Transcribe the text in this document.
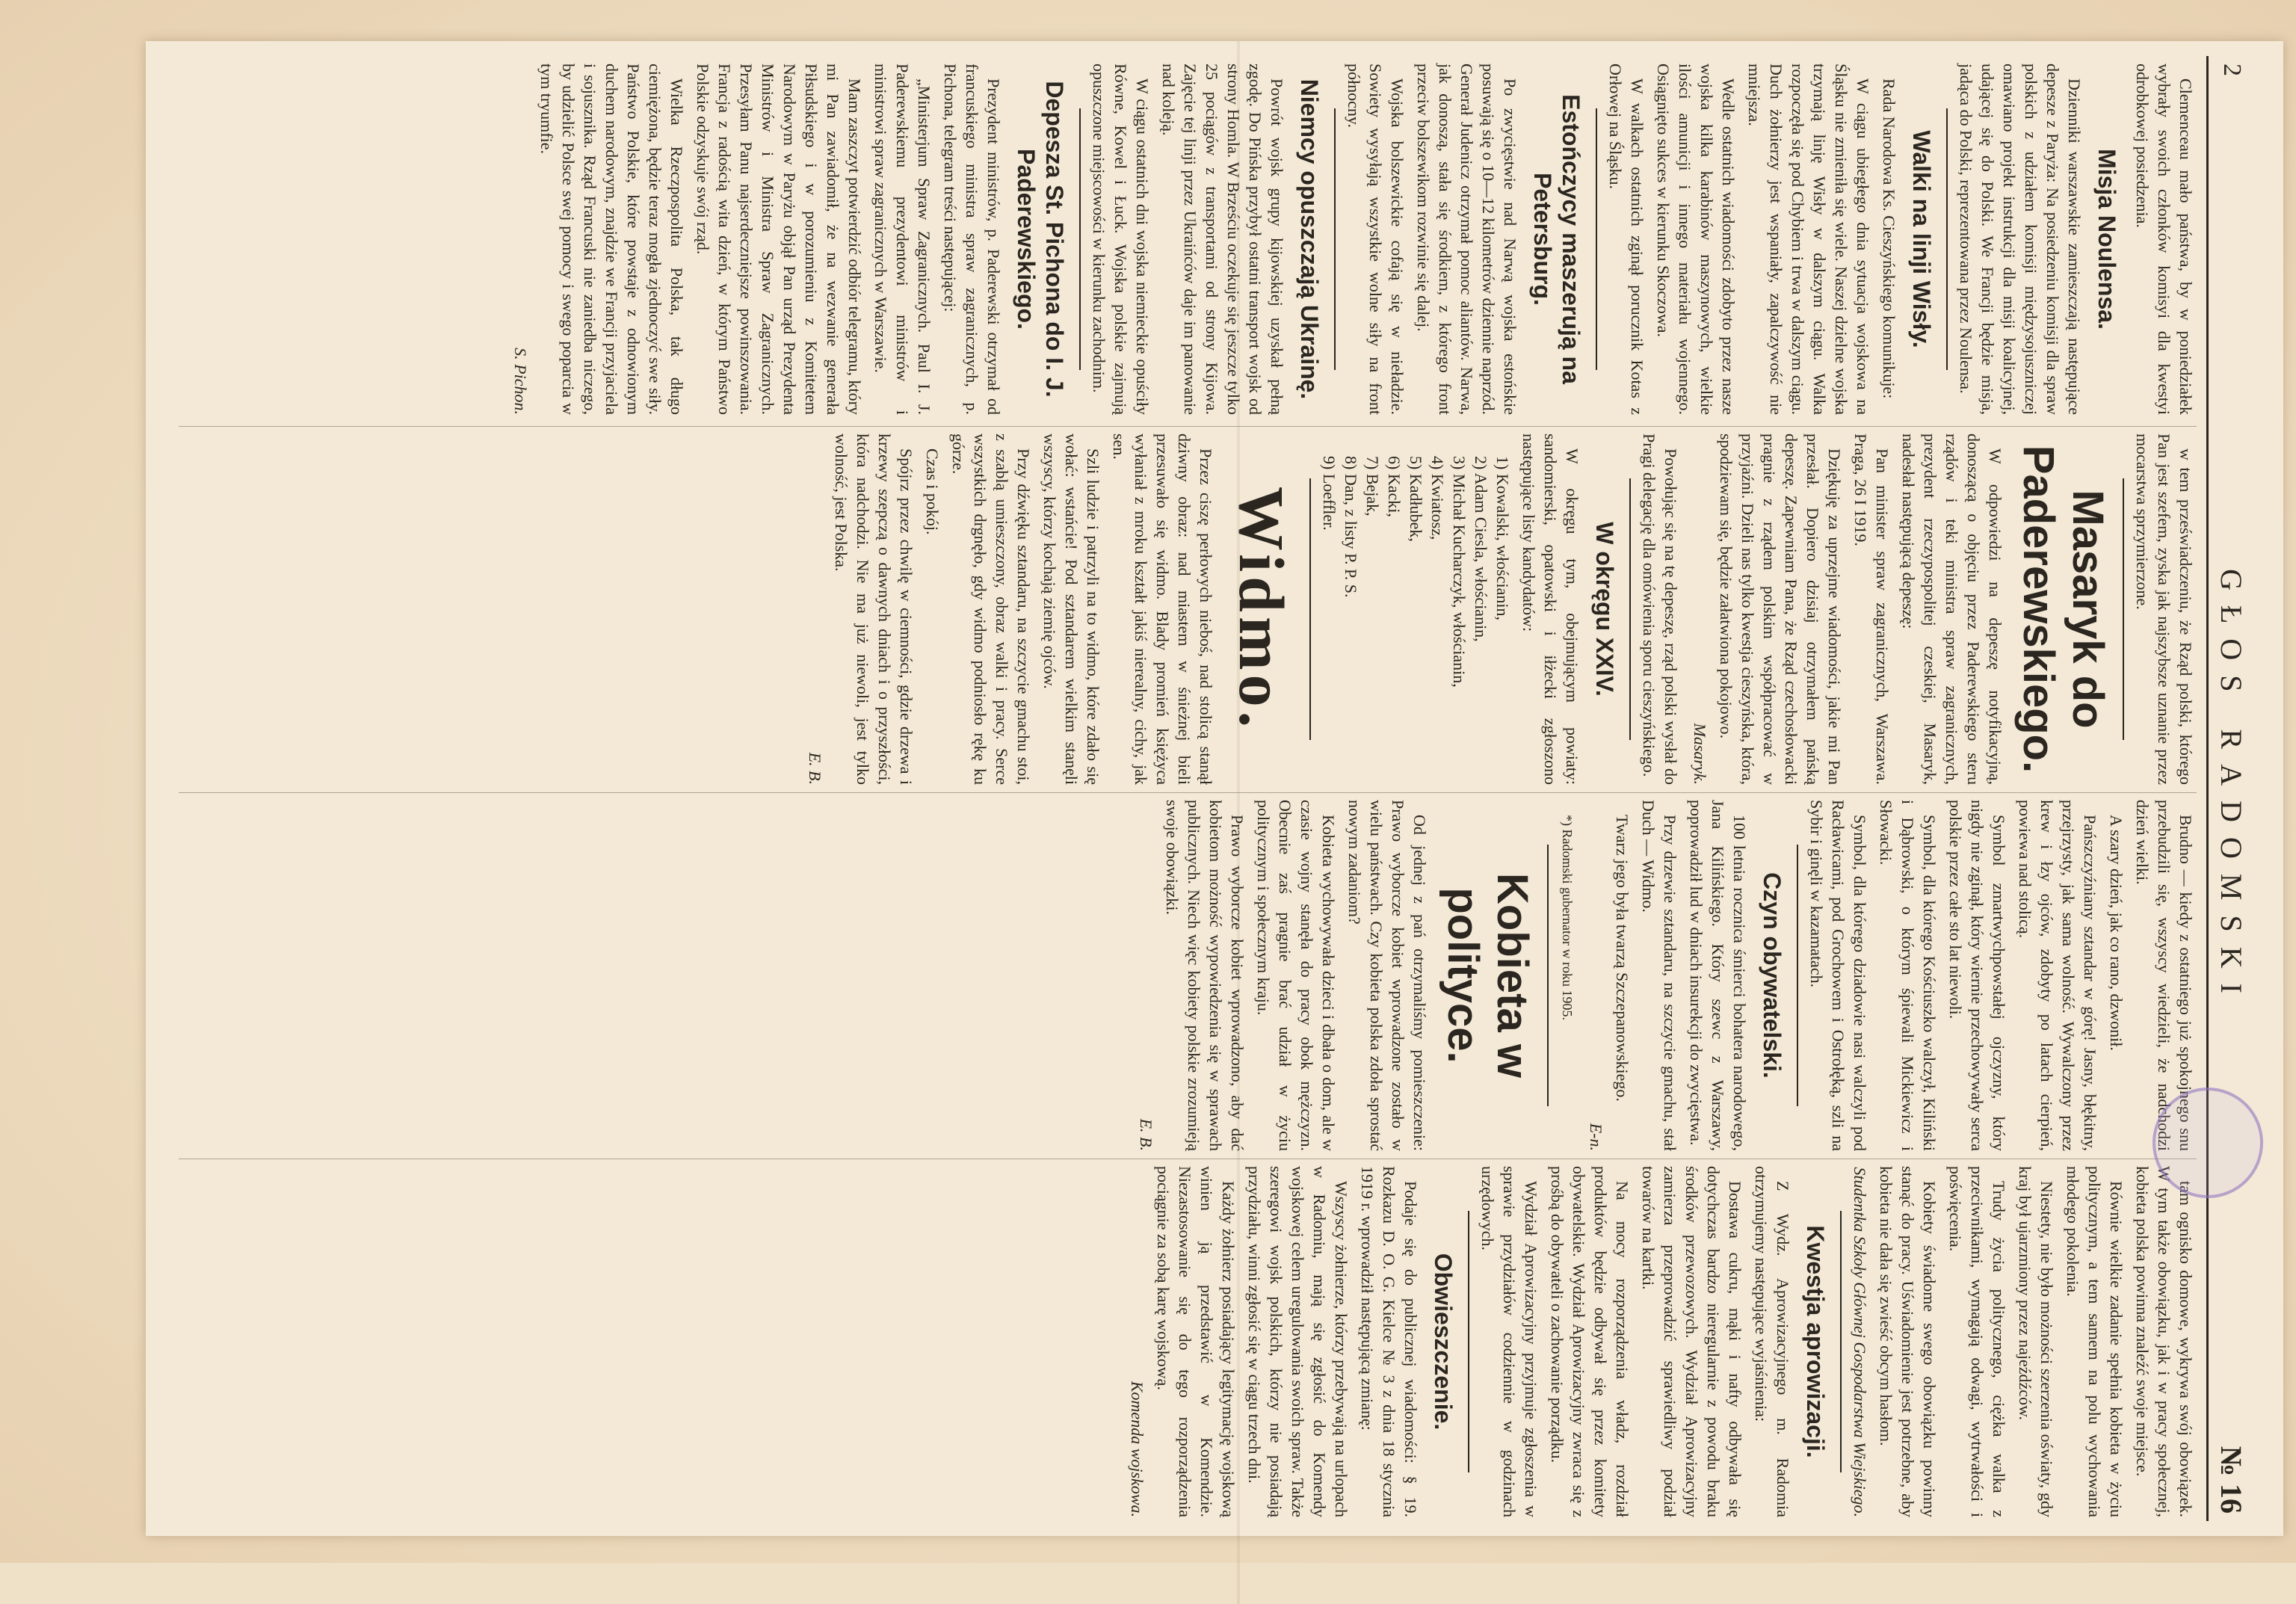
2
GŁOS RADOMSKI
№ 16

Clemenceau mało państwa, by w poniedziałek wybrały swoich członków komisyi dla kwestyi odrobkowej posiedzenia.

Misja Noulensa.

Dzienniki warszawskie zamieszczają następujące depesze z Paryża: Na posiedzeniu komisji dla spraw polskich z udziałem komisji międzysojuszniczej omawiano projekt instrukcji dla misji koalicyjnej, udającej się do Polski. We Francji będzie misja, jadąca do Polski, reprezentowana przez Noulensa.

Walki na linji Wisły.

Rada Narodowa Ks. Cieszyńskiego komunikuje:

W ciągu ubiegłego dnia sytuacja wojskowa na Śląsku nie zmieniła się wiele. Naszej dzielne wojska trzymają linję Wisły w dalszym ciągu. Walka rozpoczęła się pod Chybiem i trwa w dalszym ciągu. Duch żołnierzy jest wspaniały, zapalczywość nie mniejsza.

Wedle ostatnich wiadomości zdobyto przez nasze wojska kilka karabinów maszynowych, wielkie ilości amunicji i innego materiału wojennego. Osiągnięto sukces w kierunku Skoczowa.

W walkach ostatnich zginął porucznik Kotas z Orłowej na Śląsku.

Estończycy maszerują na Petersburg.

Po zwycięstwie nad Narwą wojska estońskie posuwają się o 10—12 kilometrów dziennie naprzód. Generał Judenicz otrzymał pomoc aliantów. Narwa, jak donoszą, stała się środkiem, z którego front przeciw bolszewikom rozwinie się dalej.

Wojska bolszewickie cofają się w nieładzie. Sowiety wysyłają wszystkie wolne siły na front północny.

Niemcy opuszczają Ukrainę.

Powrót wojsk grupy kijowskiej uzyskał pełną zgodę. Do Pińska przybył ostatni transport wojsk od strony Homla. W Brześciu oczekuje się jeszcze tylko 25 pociągów z transportami od strony Kijowa. Zajęcie tej linji przez Ukraińców daje im panowanie nad koleją.

W ciągu ostatnich dni wojska niemieckie opuściły Równe, Kowel i Łuck. Wojska polskie zajmują opuszczone miejscowości w kierunku zachodnim.

Depesza St. Pichona do I. J. Paderewskiego.

Prezydent ministrów, p. Paderewski otrzymał od francuskiego ministra spraw zagranicznych, p. Pichona, telegram treści następującej:

„Ministerjum Spraw Zagranicznych. Paul I. J. Paderewskiemu prezydentowi ministrów i ministrowi spraw zagranicznych w Warszawie.

Mam zaszczyt potwierdzić odbiór telegramu, który mi Pan zawiadomił, że na wezwanie generała Piłsudskiego i w porozumieniu z Komitetem Narodowym w Paryżu objął Pan urząd Prezydenta Ministrów i Ministra Spraw Zagranicznych. Przesyłam Panu najserdeczniejsze powinszowania. Francja z radością wita dzień, w którym Państwo Polskie odzyskuje swój rząd.

Wielka Rzeczpospolita Polska, tak długo ciemiężona, będzie teraz mogła zjednoczyć swe siły. Państwo Polskie, które powstaje z odnowionym duchem narodowym, znajdzie we Francji przyjaciela i sojusznika. Rząd Francuski nie zaniedba niczego, by udzielić Polsce swej pomocy i swego poparcia w tym tryumfie.

S. Pichon.

w tem przeświadczeniu, że Rząd polski, którego Pan jest szefem, zyska jak najszybsze uznanie przez mocarstwa sprzymierzone.

Masaryk do Paderewskiego.

W odpowiedzi na depeszę notyfikacyjną, donoszącą o objęciu przez Paderewskiego steru rządów i teki ministra spraw zagranicznych, prezydent rzeczypospolitej czeskiej, Masaryk, nadesłał następującą depeszę:

Pan minister spraw zagranicznych, Warszawa. Praga, 26 I 1919.

Dziękuję za uprzejme wiadomości, jakie mi Pan przesłał. Dopiero dzisiaj otrzymałem pańską depeszę. Zapewniam Pana, że Rząd czechosłowacki pragnie z rządem polskim współpracować w przyjaźni. Dzieli nas tylko kwestja cieszyńska, która, spodziewam się, będzie załatwiona pokojowo.

Masaryk.

Powołując się na tę depeszę, rząd polski wysłał do Pragi delegację dla omówienia sporu cieszyńskiego.

W okręgu XXIV.

W okręgu tym, obejmującym powiaty: sandomierski, opatowski i iłżecki zgłoszono następujące listy kandydatów:

1) Kowalski, włościanin,
2) Adam Ciesla, włościanin,
3) Michał Kucharczyk, włościanin,
4) Kwiatosz,
5) Kadłubek,
6) Kacki,
7) Bejak,
8) Dan, z listy P. P. S.
9) Loeffler.
Widmo.

Przez ciszę perłowych nieboś, nad stolicą stanął dziwny obraz: nad miastem w śnieżnej bieli przesuwało się widmo. Blady promień księżyca wyłaniał z mroku kształt jakiś nierealny, cichy, jak sen.

Szli ludzie i patrzyli na to widmo, które zdało się wołać: wstańcie! Pod sztandarem wielkim stanęli wszyscy, którzy kochają ziemię ojców.

Przy dźwięku sztandaru, na szczycie gmachu stoi, z szablą umieszczony, obraz walki i pracy. Serce wszystkich drgnęło, gdy widmo podniosło rękę ku górze.

Czas i pokój.

Spójrz przez chwilę w ciemności, gdzie drzewa i krzewy szepczą o dawnych dniach i o przyszłości, która nadchodzi. Nie ma już niewoli, jest tylko wolność, jest Polska.

E. B.

Brudno — kiedy z ostatniego już spokojnego snu przebudzili się, wszyscy wiedzieli, że nadchodzi dzień wielki.

A szary dzień, jak co rano, dzwonił.

Pańszczyźniany sztandar w górę! Jasny, błękitny, przejrzysty, jak sama wolność. Wywalczony przez krew i łzy ojców, zdobyty po latach cierpień, powiewa nad stolicą.

Symbol zmartwychpowstałej ojczyzny, który nigdy nie zginął, który wiernie przechowywały serca polskie przez całe sto lat niewoli.

Symbol, dla którego Kościuszko walczył, Kiliński i Dąbrowski, o którym śpiewali Mickiewicz i Słowacki.

Symbol, dla którego dziadowie nasi walczyli pod Racławicami, pod Grochowem i Ostrołęką, szli na Sybir i ginęli w kazamatach.

Czyn obywatelski.

100 letnia rocznica śmierci bohatera narodowego, Jana Kilińskiego. Który szewc z Warszawy, poprowadził lud w dniach insurekcji do zwycięstwa.

Przy drzewie sztandaru, na szczycie gmachu, stał Duch — Widmo.

Twarz jego była twarzą Szczepanowskiego.

E-n.

*) Radomski gubernator w roku 1905.

Kobieta w polityce.

Od jednej z pań otrzymaliśmy pomieszczenie: Prawo wyborcze kobiet wprowadzone zostało w wielu państwach. Czy kobieta polska zdoła sprostać nowym zadaniom?

Kobieta wychowywała dzieci i dbała o dom, ale w czasie wojny stanęła do pracy obok mężczyzn. Obecnie zaś pragnie brać udział w życiu politycznym i społecznym kraju.

Prawo wyborcze kobiet wprowadzono, aby dać kobietom możność wypowiedzenia się w sprawach publicznych. Niech więc kobiety polskie zrozumieją swoje obowiązki.

E. B.

tam ognisko domowe, wykrywa swój obowiązek. W tym także obowiązku, jak i w pracy społecznej, kobieta polska powinna znaleźć swoje miejsce.

Równie wielkie zadanie spełnia kobieta w życiu politycznym, a tem samem na polu wychowania młodego pokolenia.

Niestety, nie było możności szerzenia oświaty, gdy kraj był ujarzmiony przez najeźdźców.

Trudy życia politycznego, ciężka walka z przeciwnikami, wymagają odwagi, wytrwałości i poświęcenia.

Kobiety świadome swego obowiązku powinny stanąć do pracy. Uświadomienie jest potrzebne, aby kobieta nie dała się zwieść obcym hasłom.

Studentka Szkoły Głównej Gospodarstwa Wiejskiego.
Kwestja aprowizacji.

Z Wydz. Aprowizacyjnego m. Radomia otrzymujemy następujące wyjaśnienia:

Dostawa cukru, mąki i nafty odbywała się dotychczas bardzo nieregularnie z powodu braku środków przewozowych. Wydział Aprowizacyjny zamierza przeprowadzić sprawiedliwy podział towarów na kartki.

Na mocy rozporządzenia władz, rozdział produktów będzie odbywał się przez komitety obywatelskie. Wydział Aprowizacyjny zwraca się z prośbą do obywateli o zachowanie porządku.

Wydział Aprowizacyjny przyjmuje zgłoszenia w sprawie przydziałów codziennie w godzinach urzędowych.

Obwieszczenie.

Podaje się do publicznej wiadomości: § 19. Rozkazu D. O. G. Kielce № 3 z dnia 18 stycznia 1919 r. wprowadził następującą zmianę:

Wszyscy żołnierze, którzy przebywają na urlopach w Radomiu, mają się zgłosić do Komendy wojskowej celem uregulowania swoich spraw. Także szeregowi wojsk polskich, którzy nie posiadają przydziału, winni zgłosić się w ciągu trzech dni.

Każdy żołnierz posiadający legitymację wojskową winien ją przedstawić w Komendzie. Niezastosowanie się do tego rozporządzenia pociągnie za sobą karę wojskową.

Komenda wojskowa.
